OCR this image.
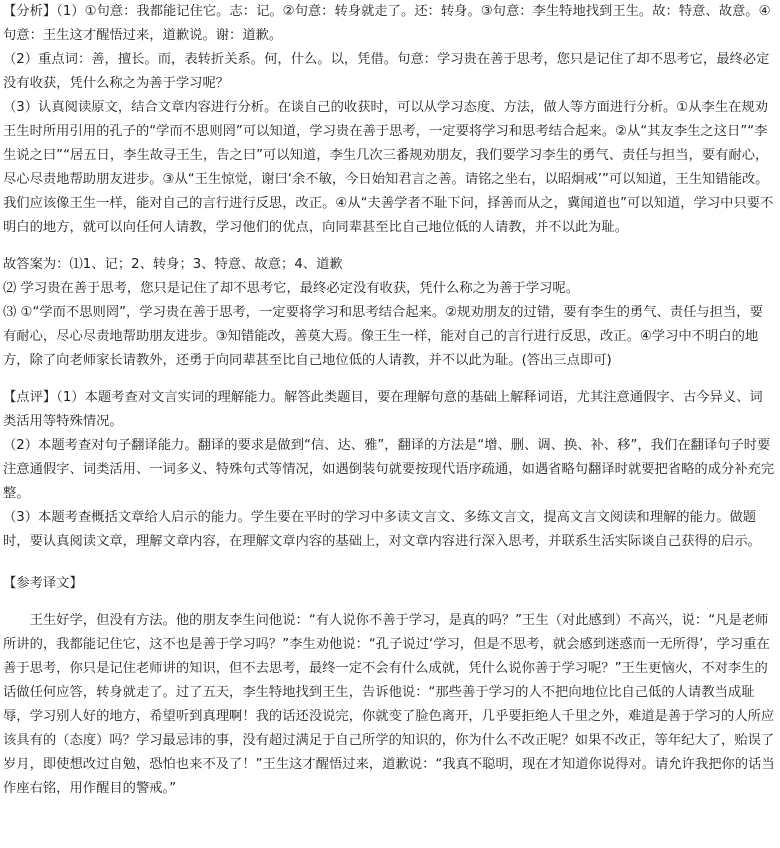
【分析】（1）①句意：我都能记住它。志：记。②句意：转身就走了。还：转身。③句意：李生特地找到王生。故：特意、故意。④句意：王生这才醒悟过来，道歉说。谢：道歉。

（2）重点词：善，擅长。而，表转折关系。何，什么。以，凭借。句意：学习贵在善于思考，您只是记住了却不思考它，最终必定没有收获，凭什么称之为善于学习呢？

（3）认真阅读原文，结合文章内容进行分析。在谈自己的收获时，可以从学习态度、方法，做人等方面进行分析。①从李生在规劝王生时所用引用的孔子的“学而不思则罔”可以知道，学习贵在善于思考，一定要将学习和思考结合起来。②从“其友李生之这日”“李生说之曰”“居五日，李生故寻王生，告之曰”可以知道，李生几次三番规劝朋友，我们要学习李生的勇气、责任与担当，要有耐心，尽心尽责地帮助朋友进步。③从“王生惊觉，谢曰‘余不敏，今日始知君言之善。请铭之坐右，以昭炯戒’”可以知道，王生知错能改。我们应该像王生一样，能对自己的言行进行反思，改正。④从“夫善学者不耻下问，择善而从之，冀闻道也”可以知道，学习中只要不明白的地方，就可以向任何人请教，学习他们的优点，向同辈甚至比自己地位低的人请教，并不以此为耻。

故答案为：⑴1、记；2、转身；3、特意、故意；4、道歉

⑵ 学习贵在善于思考，您只是记住了却不思考它，最终必定没有收获，凭什么称之为善于学习呢。

⑶ ①“学而不思则罔”，学习贵在善于思考，一定要将学习和思考结合起来。②规劝朋友的过错，要有李生的勇气、责任与担当，要有耐心，尽心尽责地帮助朋友进步。③知错能改，善莫大焉。像王生一样，能对自己的言行进行反思，改正。④学习中不明白的地方，除了向老师家长请教外，还勇于向同辈甚至比自己地位低的人请教，并不以此为耻。(答出三点即可)

【点评】（1）本题考查对文言实词的理解能力。解答此类题目，要在理解句意的基础上解释词语，尤其注意通假字、古今异义、词类活用等特殊情况。

（2）本题考查对句子翻译能力。翻译的要求是做到“信、达、雅”，翻译的方法是“增、删、调、换、补、移”，我们在翻译句子时要注意通假字、词类活用、一词多义、特殊句式等情况，如遇倒装句就要按现代语序疏通，如遇省略句翻译时就要把省略的成分补充完整。

（3）本题考查概括文章给人启示的能力。学生要在平时的学习中多读文言文、多练文言文，提高文言文阅读和理解的能力。做题时，要认真阅读文章，理解文章内容，在理解文章内容的基础上，对文章内容进行深入思考，并联系生活实际谈自己获得的启示。

【参考译文】

王生好学，但没有方法。他的朋友李生问他说：“有人说你不善于学习，是真的吗？”王生（对此感到）不高兴，说：“凡是老师所讲的，我都能记住它，这不也是善于学习吗？”李生劝他说：“孔子说过‘学习，但是不思考，就会感到迷惑而一无所得’，学习重在善于思考，你只是记住老师讲的知识，但不去思考，最终一定不会有什么成就，凭什么说你善于学习呢？”王生更恼火，不对李生的话做任何应答，转身就走了。过了五天，李生特地找到王生，告诉他说：“那些善于学习的人不把向地位比自己低的人请教当成耻辱，学习别人好的地方，希望听到真理啊！我的话还没说完，你就变了脸色离开，几乎要拒绝人千里之外，难道是善于学习的人所应该具有的（态度）吗？学习最忌讳的事，没有超过满足于自己所学的知识的，你为什么不改正呢？如果不改正，等年纪大了，贻误了岁月，即使想改过自勉，恐怕也来不及了！”王生这才醒悟过来，道歉说：“我真不聪明，现在才知道你说得对。请允许我把你的话当作座右铭，用作醒目的警戒。”
